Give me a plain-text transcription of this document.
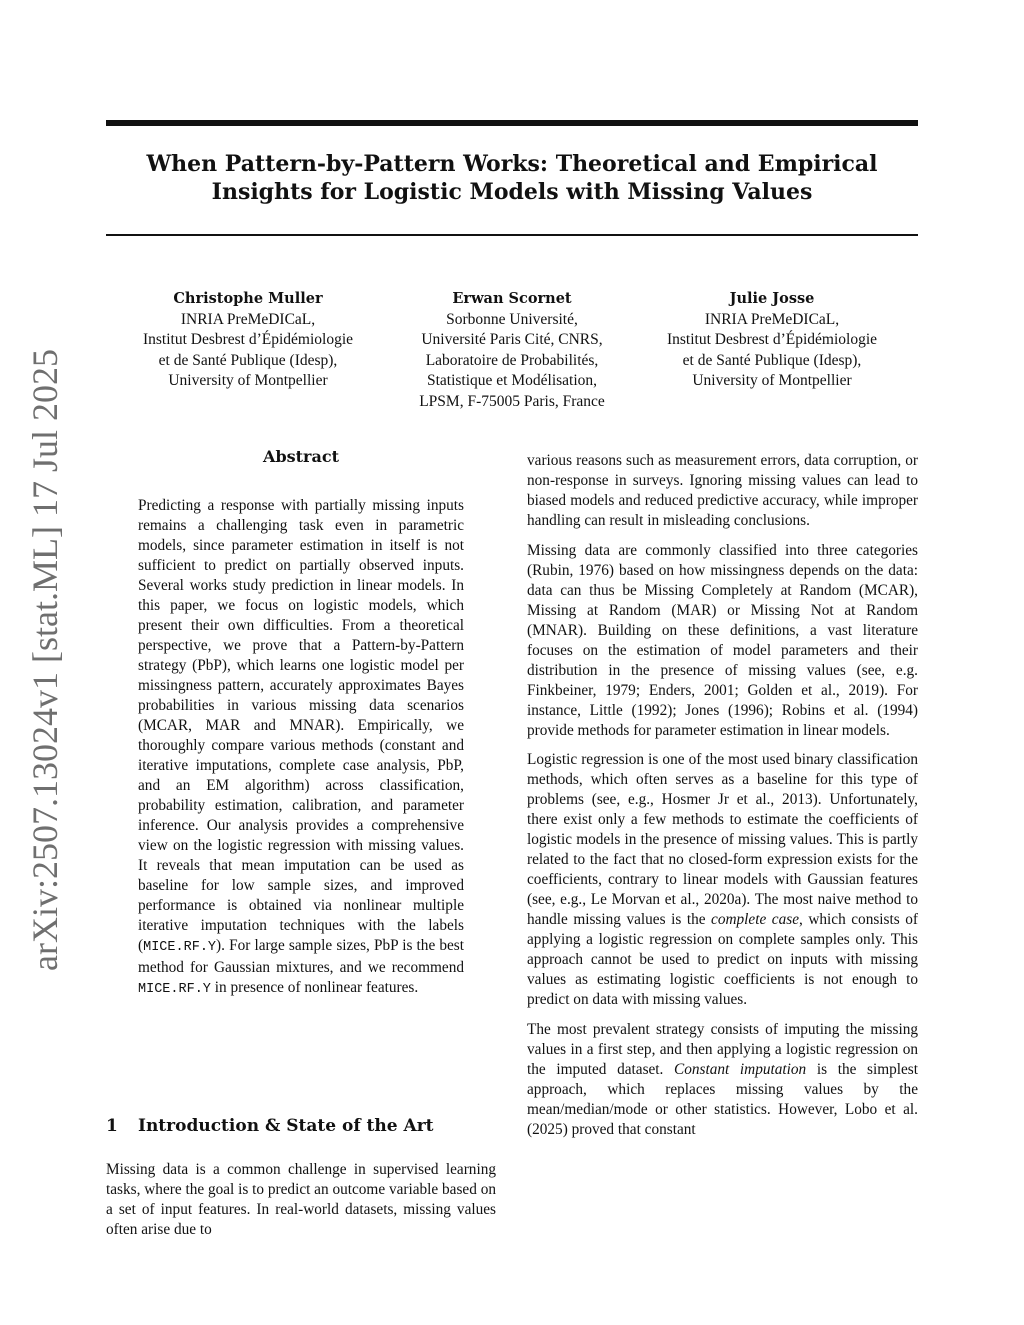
When Pattern-by-Pattern Works: Theoretical and Empirical
Insights for Logistic Models with Missing Values
arXiv:2507.13024v1 [stat.ML] 17 Jul 2025
Christophe Muller
INRIA PreMeDICaL,
Institut Desbrest d’Épidémiologie
et de Santé Publique (Idesp),
University of Montpellier
Erwan Scornet
Sorbonne Université,
Université Paris Cité, CNRS,
Laboratoire de Probabilités,
Statistique et Modélisation,
LPSM, F-75005 Paris, France
Julie Josse
INRIA PreMeDICaL,
Institut Desbrest d’Épidémiologie
et de Santé Publique (Idesp),
University of Montpellier
Abstract
Predicting a response with partially missing inputs remains a challenging task even in parametric models, since parameter estimation in itself is not sufficient to predict on partially observed inputs. Several works study prediction in linear models. In this paper, we focus on logistic models, which present their own difficulties. From a theoretical perspective, we prove that a Pattern-by-Pattern strategy (PbP), which learns one logistic model per missingness pattern, accurately approximates Bayes probabilities in various missing data scenarios (MCAR, MAR and MNAR). Empirically, we thoroughly compare various methods (constant and iterative imputations, complete case analysis, PbP, and an EM algorithm) across classification, probability estimation, calibration, and parameter inference. Our analysis provides a comprehensive view on the logistic regression with missing values. It reveals that mean imputation can be used as baseline for low sample sizes, and improved performance is obtained via nonlinear multiple iterative imputation techniques with the labels (MICE.RF.Y). For large sample sizes, PbP is the best method for Gaussian mixtures, and we recommend MICE.RF.Y in presence of nonlinear features.
1 Introduction & State of the Art
Missing data is a common challenge in supervised learning tasks, where the goal is to predict an outcome variable based on a set of input features. In real-world datasets, missing values often arise due to

various reasons such as measurement errors, data corruption, or non-response in surveys. Ignoring missing values can lead to biased models and reduced predictive accuracy, while improper handling can result in misleading conclusions.

Missing data are commonly classified into three categories (Rubin, 1976) based on how missingness depends on the data: data can thus be Missing Completely at Random (MCAR), Missing at Random (MAR) or Missing Not at Random (MNAR). Building on these definitions, a vast literature focuses on the estimation of model parameters and their distribution in the presence of missing values (see, e.g. Finkbeiner, 1979; Enders, 2001; Golden et al., 2019). For instance, Little (1992); Jones (1996); Robins et al. (1994) provide methods for parameter estimation in linear models.

Logistic regression is one of the most used binary classification methods, which often serves as a baseline for this type of problems (see, e.g., Hosmer Jr et al., 2013). Unfortunately, there exist only a few methods to estimate the coefficients of logistic models in the presence of missing values. This is partly related to the fact that no closed-form expression exists for the coefficients, contrary to linear models with Gaussian features (see, e.g., Le Morvan et al., 2020a). The most naive method to handle missing values is the complete case, which consists of applying a logistic regression on complete samples only. This approach cannot be used to predict on inputs with missing values as estimating logistic coefficients is not enough to predict on data with missing values.

The most prevalent strategy consists of imputing the missing values in a first step, and then applying a logistic regression on the imputed dataset. Constant imputation is the simplest approach, which replaces missing values by the mean/median/mode or other statistics. However, Lobo et al. (2025) proved that constant
